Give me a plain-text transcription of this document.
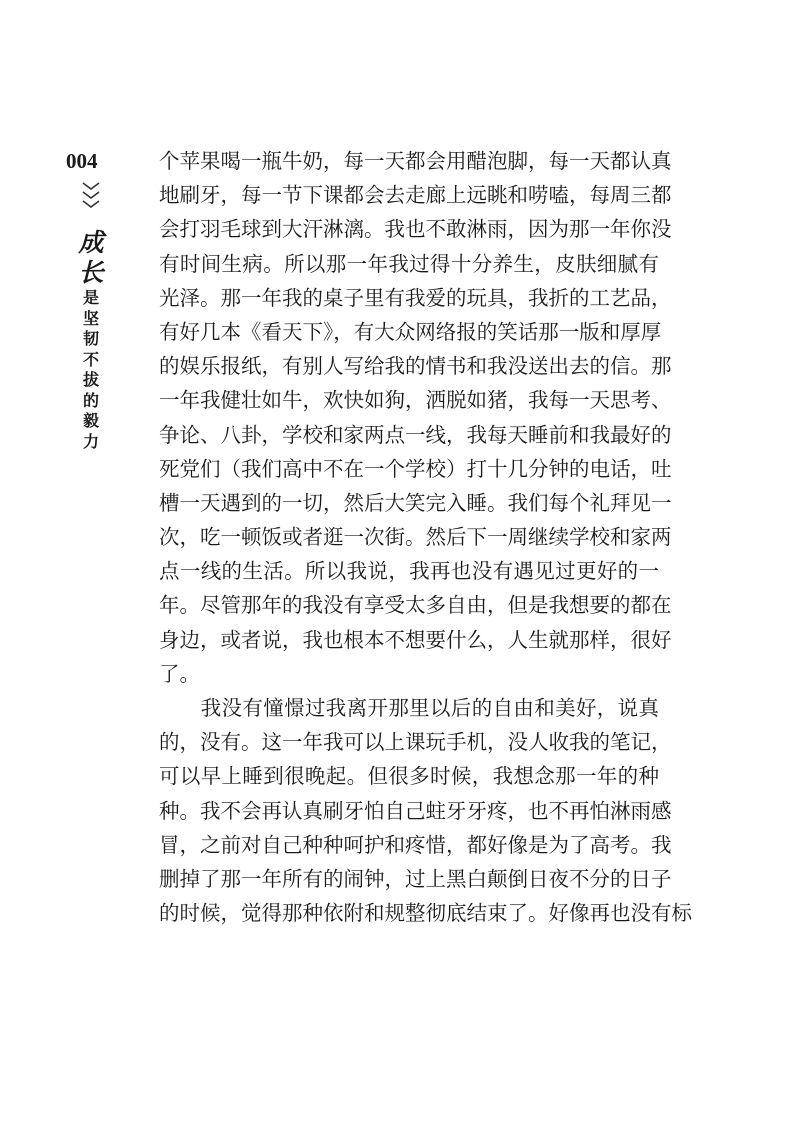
004
成
长
是
坚
韧
不
拔
的
毅
力
个苹果喝一瓶牛奶，每一天都会用醋泡脚，每一天都认真
地刷牙，每一节下课都会去走廊上远眺和唠嗑，每周三都
会打羽毛球到大汗淋漓。我也不敢淋雨，因为那一年你没
有时间生病。所以那一年我过得十分养生，皮肤细腻有
光泽。那一年我的桌子里有我爱的玩具，我折的工艺品，
有好几本《看天下》，有大众网络报的笑话那一版和厚厚
的娱乐报纸，有别人写给我的情书和我没送出去的信。那
一年我健壮如牛，欢快如狗，洒脱如猪，我每一天思考、
争论、八卦，学校和家两点一线，我每天睡前和我最好的
死党们（我们高中不在一个学校）打十几分钟的电话，吐
槽一天遇到的一切，然后大笑完入睡。我们每个礼拜见一
次，吃一顿饭或者逛一次街。然后下一周继续学校和家两
点一线的生活。所以我说，我再也没有遇见过更好的一
年。尽管那年的我没有享受太多自由，但是我想要的都在
身边，或者说，我也根本不想要什么，人生就那样，很好
了。
　　我没有憧憬过我离开那里以后的自由和美好，说真
的，没有。这一年我可以上课玩手机，没人收我的笔记，
可以早上睡到很晚起。但很多时候，我想念那一年的种
种。我不会再认真刷牙怕自己蛀牙牙疼，也不再怕淋雨感
冒，之前对自己种种呵护和疼惜，都好像是为了高考。我
删掉了那一年所有的闹钟，过上黑白颠倒日夜不分的日子
的时候，觉得那种依附和规整彻底结束了。好像再也没有标
